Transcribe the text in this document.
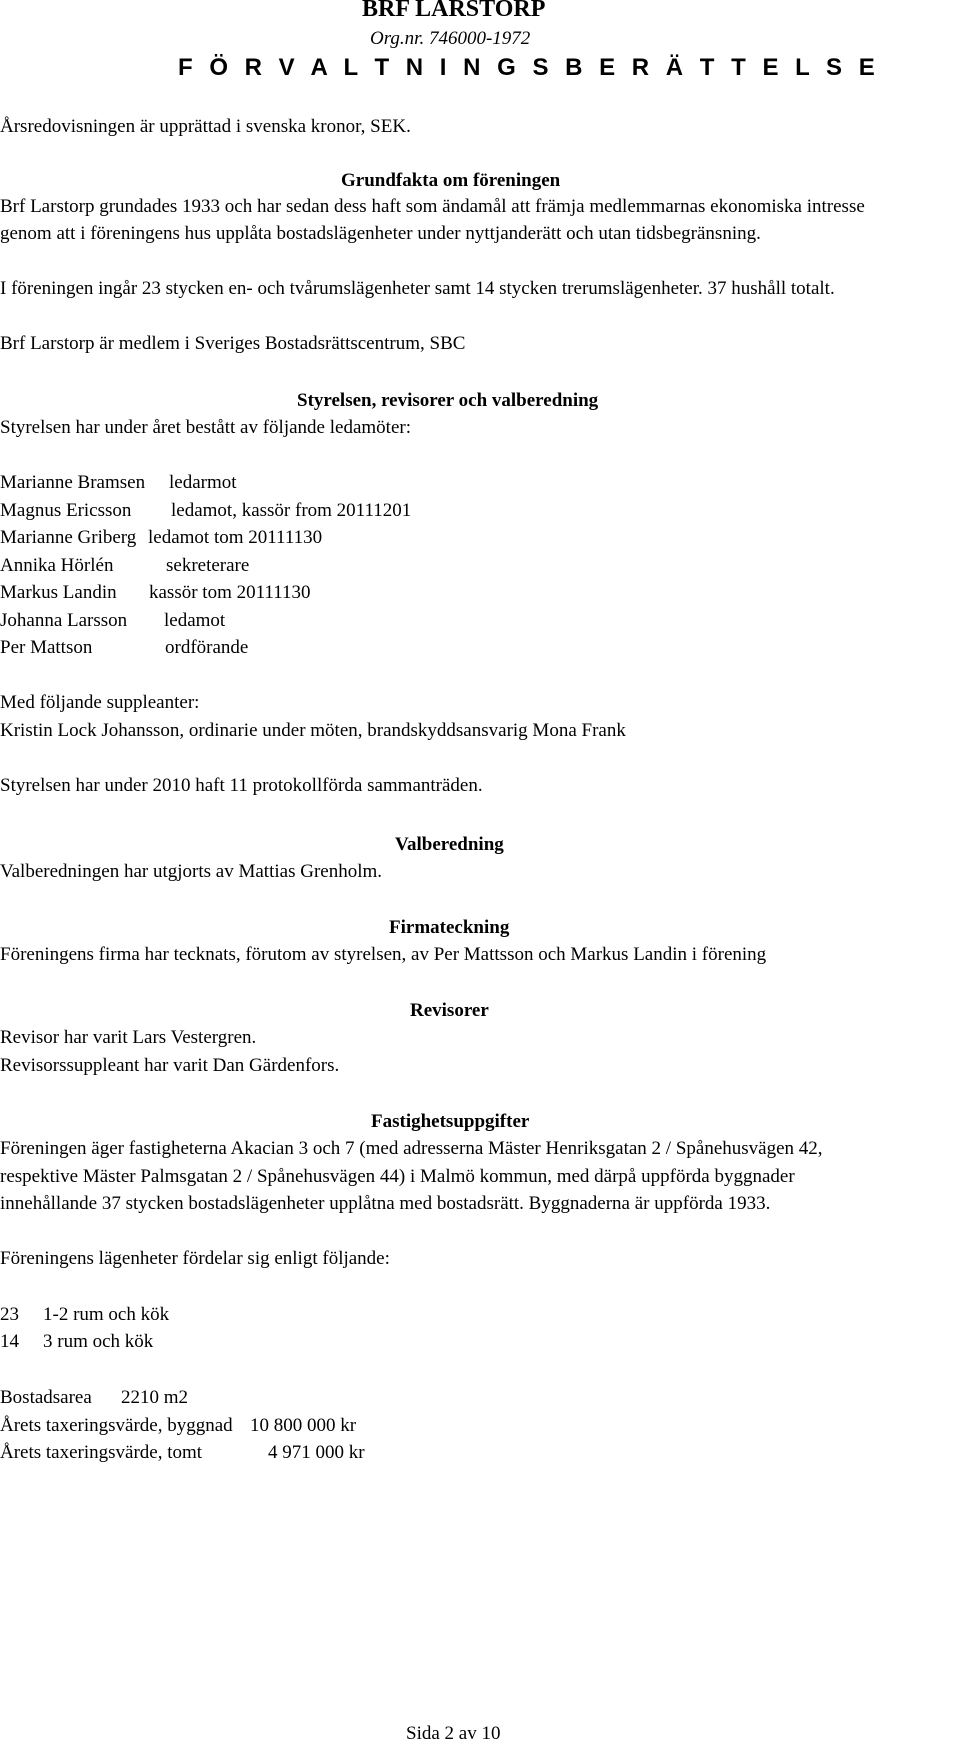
BRF LARSTORP
Org.nr. 746000-1972
F Ö R V A L T N I N G S B E R Ä T T E L S E
Årsredovisningen är upprättad i svenska kronor, SEK.
Grundfakta om föreningen
Brf Larstorp grundades 1933 och har sedan dess haft som ändamål att främja medlemmarnas ekonomiska intresse
genom att i föreningens hus upplåta bostadslägenheter under nyttjanderätt och utan tidsbegränsning.
I föreningen ingår 23 stycken en- och tvårumslägenheter samt 14 stycken trerumslägenheter. 37 hushåll totalt.
Brf Larstorp är medlem i Sveriges Bostadsrättscentrum, SBC
Styrelsen, revisorer och valberedning
Styrelsen har under året bestått av följande ledamöter:
Marianne Bramsen ledarmot
Magnus Ericsson ledamot, kassör from 20111201
Marianne Griberg ledamot tom 20111130
Annika Hörlén	sekreterare
Markus Landin kassör tom 20111130
Johanna Larsson ledamot
Per Mattson	ordförande
Med följande suppleanter:
Kristin Lock Johansson, ordinarie under möten, brandskyddsansvarig Mona Frank
Styrelsen har under 2010 haft 11 protokollförda sammanträden.
Valberedning
Valberedningen har utgjorts av Mattias Grenholm.
Firmateckning
Föreningens firma har tecknats, förutom av styrelsen, av Per Mattsson och Markus Landin i förening
Revisorer
Revisor har varit Lars Vestergren.
Revisorssuppleant har varit Dan Gärdenfors.
Fastighetsuppgifter
Föreningen äger fastigheterna Akacian 3 och 7 (med adresserna Mäster Henriksgatan 2 / Spånehusvägen 42,
respektive Mäster Palmsgatan 2 / Spånehusvägen 44) i Malmö kommun, med därpå uppförda byggnader
innehållande 37 stycken bostadslägenheter upplåtna med bostadsrätt. Byggnaderna är uppförda 1933.
Föreningens lägenheter fördelar sig enligt följande:
23 1-2 rum och kök
14 3 rum och kök
Bostadsarea 2210 m2
Årets taxeringsvärde, byggnad 10 800 000 kr
Årets taxeringsvärde, tomt	4 971 000 kr
Sida 2 av 10
